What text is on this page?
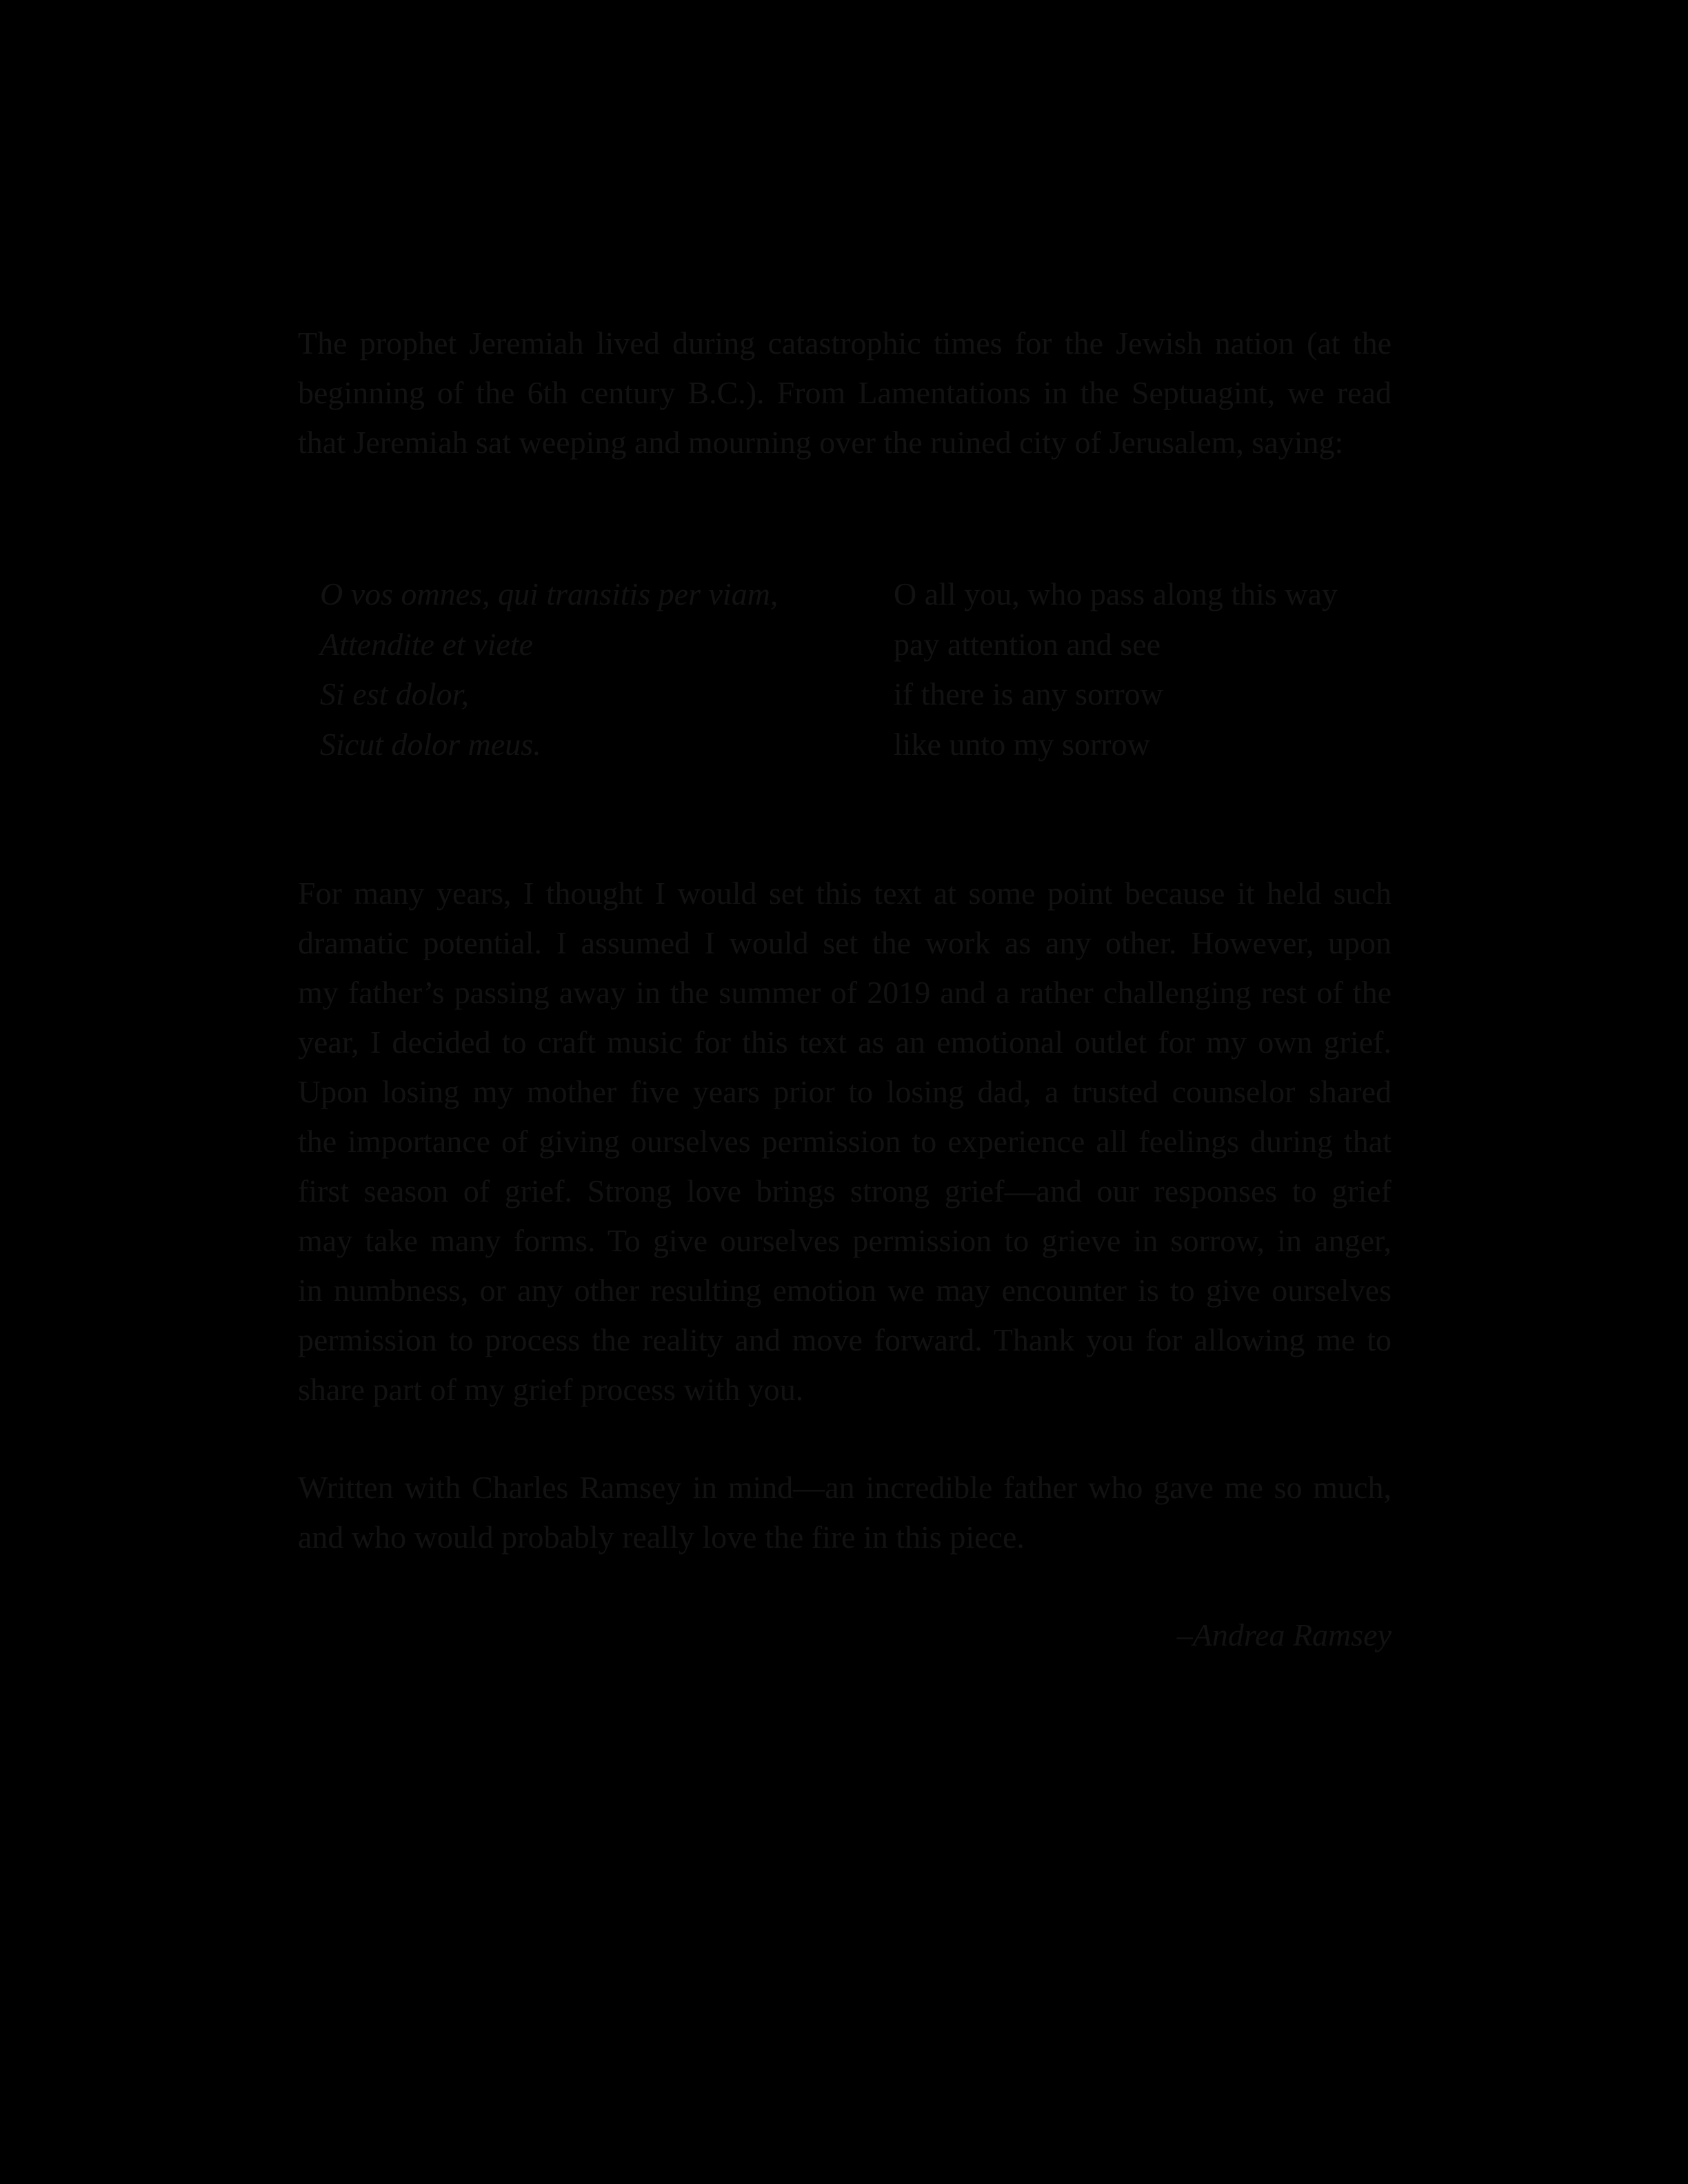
The prophet Jeremiah lived during catastrophic times for the Jewish nation (at the
beginning of the 6th century B.C.). From Lamentations in the Septuagint, we read
that Jeremiah sat weeping and mourning over the ruined city of Jerusalem, saying:
O vos omnes, qui transitis per viam,
Attendite et viete
Si est dolor,
Sicut dolor meus.
O all you, who pass along this way
pay attention and see
if there is any sorrow
like unto my sorrow
For many years, I thought I would set this text at some point because it held such
dramatic potential. I assumed I would set the work as any other. However, upon
my father’s passing away in the summer of 2019 and a rather challenging rest of the
year, I decided to craft music for this text as an emotional outlet for my own grief.
Upon losing my mother five years prior to losing dad, a trusted counselor shared
the importance of giving ourselves permission to experience all feelings during that
first season of grief. Strong love brings strong grief—and our responses to grief
may take many forms. To give ourselves permission to grieve in sorrow, in anger,
in numbness, or any other resulting emotion we may encounter is to give ourselves
permission to process the reality and move forward. Thank you for allowing me to
share part of my grief process with you.
Written with Charles Ramsey in mind—an incredible father who gave me so much,
and who would probably really love the fire in this piece.
–Andrea Ramsey
